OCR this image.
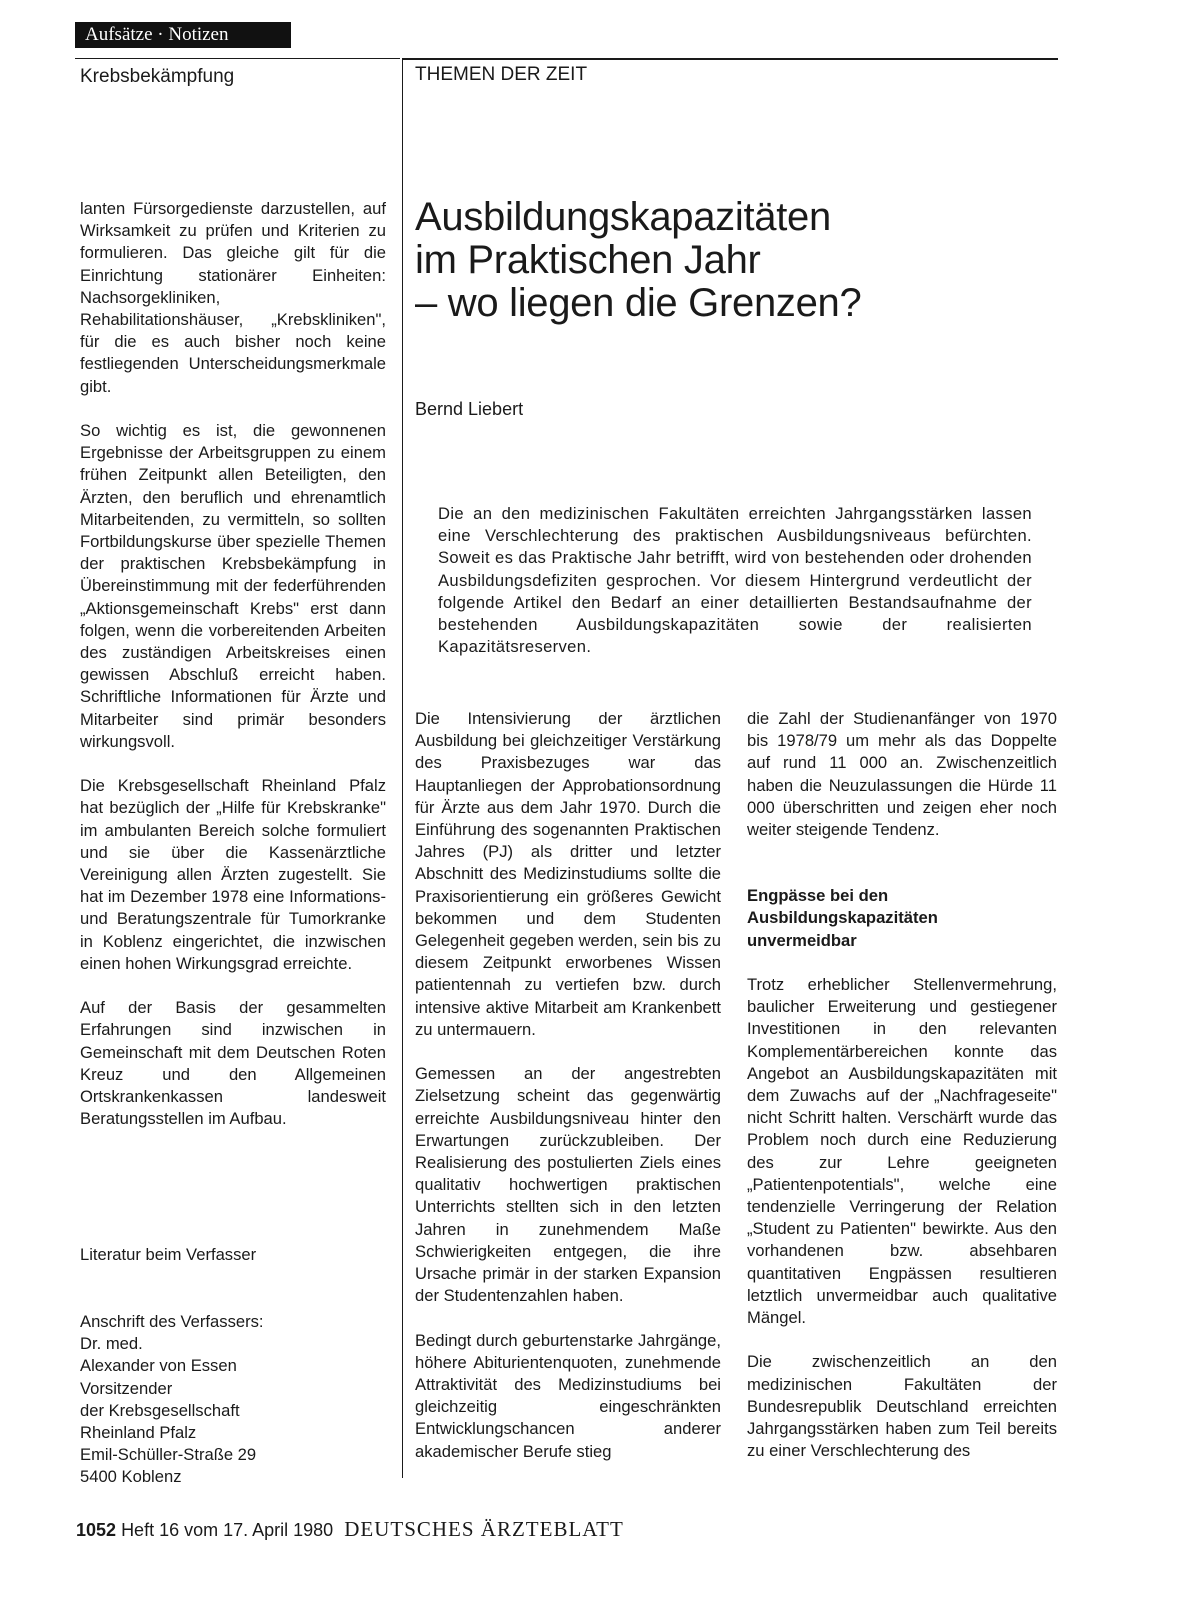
Aufsätze · Notizen
Krebsbekämpfung	THEMEN DER ZEIT

lanten Fürsorgedienste darzustellen, auf Wirksamkeit zu prüfen und Kriterien zu formulieren. Das gleiche gilt für die Einrichtung stationärer Einheiten: Nachsorgekliniken, Rehabilitationshäuser, „Krebskliniken", für die es auch bisher noch keine festliegenden Unterscheidungsmerkmale gibt.

So wichtig es ist, die gewonnenen Ergebnisse der Arbeitsgruppen zu einem frühen Zeitpunkt allen Beteiligten, den Ärzten, den beruflich und ehrenamtlich Mitarbeitenden, zu vermitteln, so sollten Fortbildungskurse über spezielle Themen der praktischen Krebsbekämpfung in Übereinstimmung mit der federführenden „Aktionsgemeinschaft Krebs" erst dann folgen, wenn die vorbereitenden Arbeiten des zuständigen Arbeitskreises einen gewissen Abschluß erreicht haben. Schriftliche Informationen für Ärzte und Mitarbeiter sind primär besonders wirkungsvoll.

Die Krebsgesellschaft Rheinland Pfalz hat bezüglich der „Hilfe für Krebskranke" im ambulanten Bereich solche formuliert und sie über die Kassenärztliche Vereinigung allen Ärzten zugestellt. Sie hat im Dezember 1978 eine Informations- und Beratungszentrale für Tumorkranke in Koblenz eingerichtet, die inzwischen einen hohen Wirkungsgrad erreichte.

Auf der Basis der gesammelten Erfahrungen sind inzwischen in Gemeinschaft mit dem Deutschen Roten Kreuz und den Allgemeinen Ortskrankenkassen landesweit Beratungsstellen im Aufbau.

Literatur beim Verfasser
Anschrift des Verfassers:
Dr. med.
Alexander von Essen
Vorsitzender
der Krebsgesellschaft
Rheinland Pfalz
Emil-Schüller-Straße 29
5400 Koblenz
Ausbildungskapazitäten
im Praktischen Jahr
– wo liegen die Grenzen?
Bernd Liebert
Die an den medizinischen Fakultäten erreichten Jahrgangsstärken lassen eine Verschlechterung des praktischen Ausbildungsniveaus befürchten. Soweit es das Praktische Jahr betrifft, wird von bestehenden oder drohenden Ausbildungsdefiziten gesprochen. Vor diesem Hintergrund verdeutlicht der folgende Artikel den Bedarf an einer detaillierten Bestandsaufnahme der bestehenden Ausbildungskapazitäten sowie der realisierten Kapazitätsreserven.

Die Intensivierung der ärztlichen Ausbildung bei gleichzeitiger Verstärkung des Praxisbezuges war das Hauptanliegen der Approbationsordnung für Ärzte aus dem Jahr 1970. Durch die Einführung des sogenannten Praktischen Jahres (PJ) als dritter und letzter Abschnitt des Medizinstudiums sollte die Praxisorientierung ein größeres Gewicht bekommen und dem Studenten Gelegenheit gegeben werden, sein bis zu diesem Zeitpunkt erworbenes Wissen patientennah zu vertiefen bzw. durch intensive aktive Mitarbeit am Krankenbett zu untermauern.

Gemessen an der angestrebten Zielsetzung scheint das gegenwärtig erreichte Ausbildungsniveau hinter den Erwartungen zurückzubleiben. Der Realisierung des postulierten Ziels eines qualitativ hochwertigen praktischen Unterrichts stellten sich in den letzten Jahren in zunehmendem Maße Schwierigkeiten entgegen, die ihre Ursache primär in der starken Expansion der Studentenzahlen haben.

Bedingt durch geburtenstarke Jahrgänge, höhere Abiturientenquoten, zunehmende Attraktivität des Medizinstudiums bei gleichzeitig eingeschränkten Entwicklungschancen anderer akademischer Berufe stieg

die Zahl der Studienanfänger von 1970 bis 1978/79 um mehr als das Doppelte auf rund 11 000 an. Zwischenzeitlich haben die Neuzulassungen die Hürde 11 000 überschritten und zeigen eher noch weiter steigende Tendenz.

Engpässe bei den Ausbildungskapazitäten unvermeidbar

Trotz erheblicher Stellenvermehrung, baulicher Erweiterung und gestiegener Investitionen in den relevanten Komplementärbereichen konnte das Angebot an Ausbildungskapazitäten mit dem Zuwachs auf der „Nachfrageseite" nicht Schritt halten. Verschärft wurde das Problem noch durch eine Reduzierung des zur Lehre geeigneten „Patientenpotentials", welche eine tendenzielle Verringerung der Relation „Student zu Patienten" bewirkte. Aus den vorhandenen bzw. absehbaren quantitativen Engpässen resultieren letztlich unvermeidbar auch qualitative Mängel.

Die zwischenzeitlich an den medizinischen Fakultäten der Bundesrepublik Deutschland erreichten Jahrgangsstärken haben zum Teil bereits zu einer Verschlechterung des

1052 Heft 16 vom 17. April 1980 DEUTSCHES ÄRZTEBLATT
